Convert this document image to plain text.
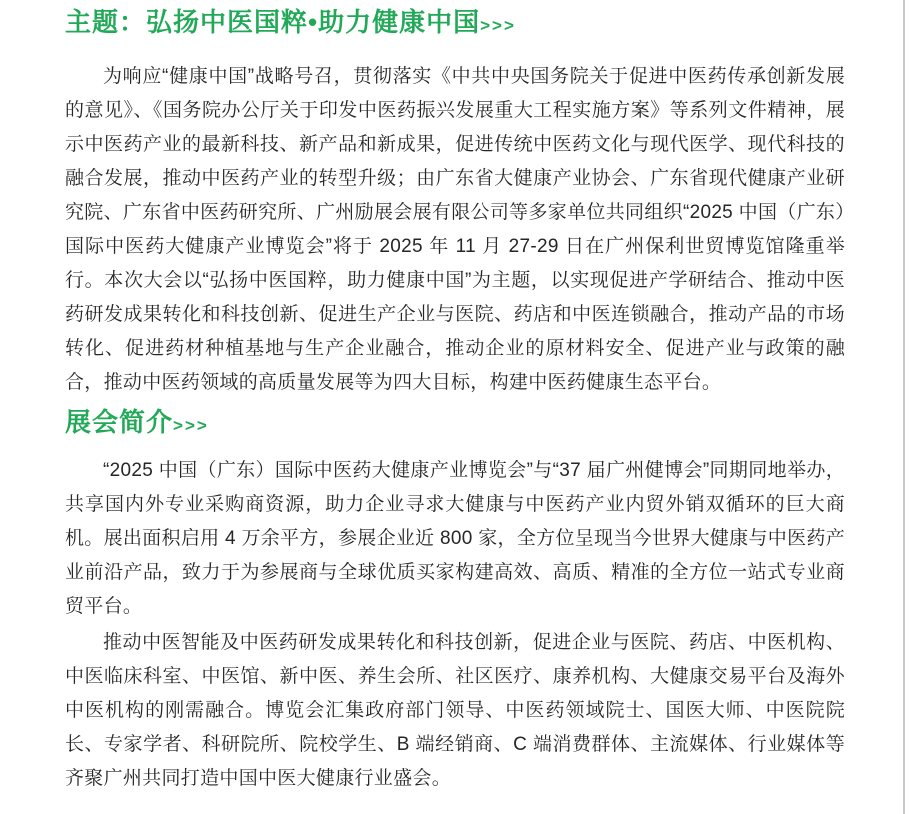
主题：弘扬中医国粹•助力健康中国>>>

为响应“健康中国”战略号召，贯彻落实《中共中央国务院关于促进中医药传承创新发展的意见》、《国务院办公厅关于印发中医药振兴发展重大工程实施方案》等系列文件精神，展示中医药产业的最新科技、新产品和新成果，促进传统中医药文化与现代医学、现代科技的融合发展，推动中医药产业的转型升级；由广东省大健康产业协会、广东省现代健康产业研究院、广东省中医药研究所、广州励展会展有限公司等多家单位共同组织“2025 中国（广东）国际中医药大健康产业博览会”将于 2025 年 11 月 27-29 日在广州保利世贸博览馆隆重举行。本次大会以“弘扬中医国粹，助力健康中国”为主题，以实现促进产学研结合、推动中医药研发成果转化和科技创新、促进生产企业与医院、药店和中医连锁融合，推动产品的市场转化、促进药材种植基地与生产企业融合，推动企业的原材料安全、促进产业与政策的融合，推动中医药领域的高质量发展等为四大目标，构建中医药健康生态平台。

展会简介>>>

“2025 中国（广东）国际中医药大健康产业博览会”与“37 届广州健博会”同期同地举办，共享国内外专业采购商资源，助力企业寻求大健康与中医药产业内贸外销双循环的巨大商机。展出面积启用 4 万余平方，参展企业近 800 家，全方位呈现当今世界大健康与中医药产业前沿产品，致力于为参展商与全球优质买家构建高效、高质、精准的全方位一站式专业商贸平台。

推动中医智能及中医药研发成果转化和科技创新，促进企业与医院、药店、中医机构、中医临床科室、中医馆、新中医、养生会所、社区医疗、康养机构、大健康交易平台及海外中医机构的刚需融合。博览会汇集政府部门领导、中医药领域院士、国医大师、中医院院长、专家学者、科研院所、院校学生、B 端经销商、C 端消费群体、主流媒体、行业媒体等齐聚广州共同打造中国中医大健康行业盛会。
